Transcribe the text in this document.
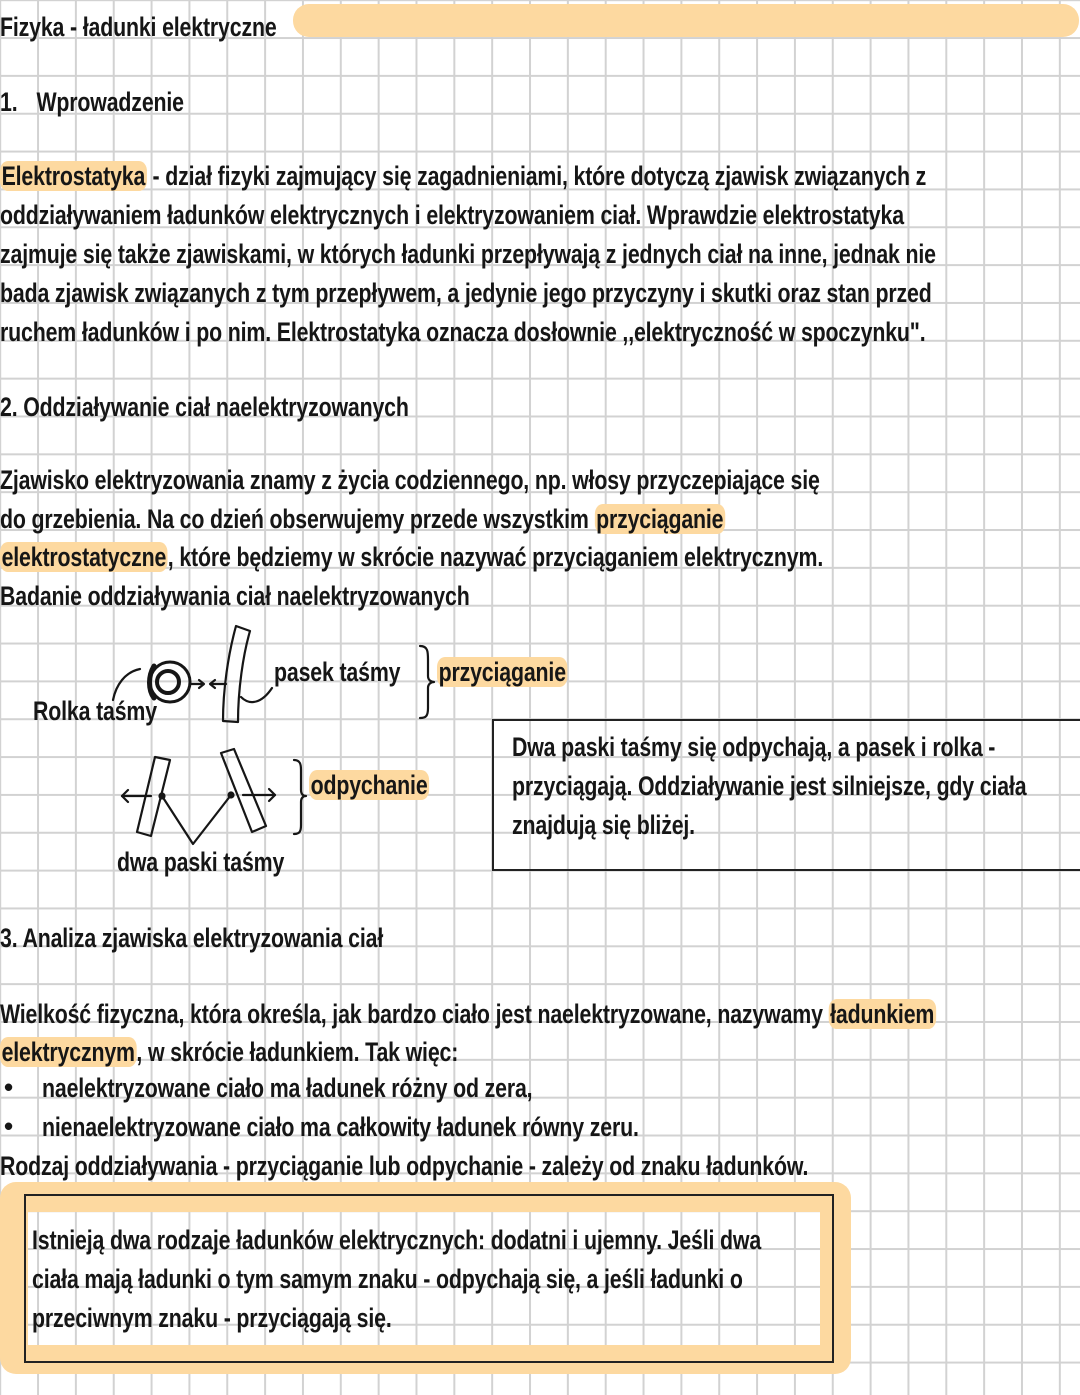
Fizyka - ładunki elektryczne
1. Wprowadzenie
Elektrostatyka - dział fizyki zajmujący się zagadnieniami, które dotyczą zjawisk związanych z
oddziaływaniem ładunków elektrycznych i elektryzowaniem ciał. Wprawdzie elektrostatyka
zajmuje się także zjawiskami, w których ładunki przepływają z jednych ciał na inne, jednak nie
bada zjawisk związanych z tym przepływem, a jedynie jego przyczyny i skutki oraz stan przed
ruchem ładunków i po nim. Elektrostatyka oznacza dosłownie ,,elektryczność w spoczynku".
2. Oddziaływanie ciał naelektryzowanych
Zjawisko elektryzowania znamy z życia codziennego, np. włosy przyczepiające się
do grzebienia. Na co dzień obserwujemy przede wszystkim przyciąganie
elektrostatyczne, które będziemy w skrócie nazywać przyciąganiem elektrycznym.
Badanie oddziaływania ciał naelektryzowanych
Rolka taśmy
pasek taśmy przyciąganie
odpychanie
dwa paski taśmy
Dwa paski taśmy się odpychają, a pasek i rolka -
przyciągają. Oddziaływanie jest silniejsze, gdy ciała
znajdują się bliżej.
3. Analiza zjawiska elektryzowania ciał
Wielkość fizyczna, która określa, jak bardzo ciało jest naelektryzowane, nazywamy ładunkiem
elektrycznym, w skrócie ładunkiem. Tak więc:
• naelektryzowane ciało ma ładunek różny od zera,
• nienaelektryzowane ciało ma całkowity ładunek równy zeru.
Rodzaj oddziaływania - przyciąganie lub odpychanie - zależy od znaku ładunków.
Istnieją dwa rodzaje ładunków elektrycznych: dodatni i ujemny. Jeśli dwa
ciała mają ładunki o tym samym znaku - odpychają się, a jeśli ładunki o
przeciwnym znaku - przyciągają się.
